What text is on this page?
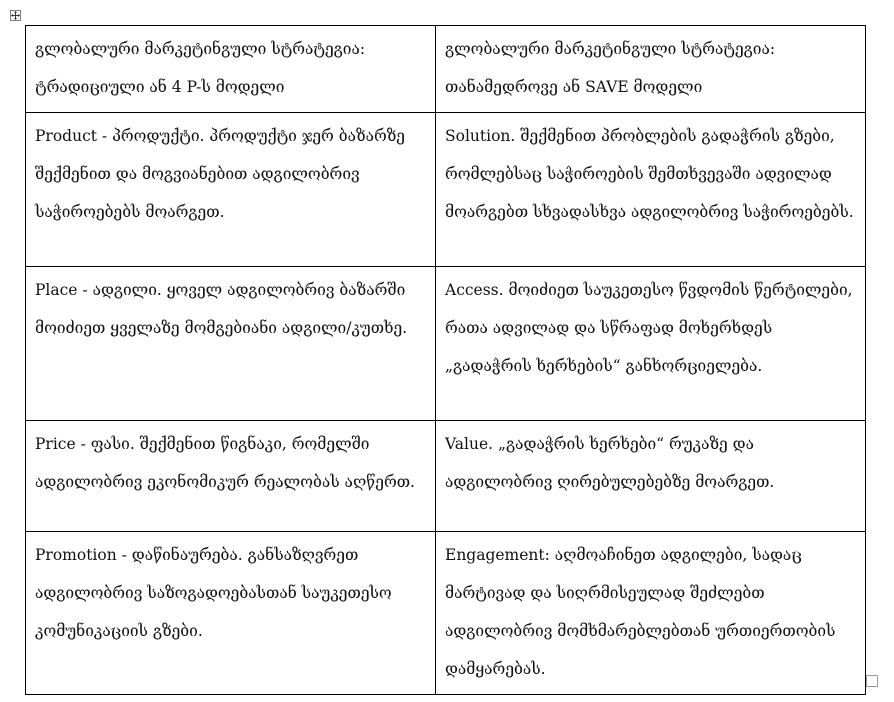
გლობალური მარკეტინგული სტრატეგია: ტრადიციული ან 4 P-ს მოდელი	გლობალური მარკეტინგული სტრატეგია: თანამედროვე ან SAVE მოდელი
Product - პროდუქტი. პროდუქტი ჯერ ბაზარზე შექმენით და მოგვიანებით ადგილობრივ საჭიროებებს მოარგეთ.	Solution. შექმენით პრობლების გადაჭრის გზები, რომლებსაც საჭიროების შემთხვევაში ადვილად მოარგებთ სხვადასხვა ადგილობრივ საჭიროებებს.
Place - ადგილი. ყოველ ადგილობრივ ბაზარში მოიძიეთ ყველაზე მომგებიანი ადგილი/კუთხე.	Access. მოიძიეთ საუკეთესო წვდომის წერტილები, რათა ადვილად და სწრაფად მოხერხდეს „გადაჭრის ხერხების“ განხორციელება.
Price - ფასი. შექმენით წიგნაკი, რომელში ადგილობრივ ეკონომიკურ რეალობას აღწერთ.	Value. „გადაჭრის ხერხები“ რუკაზე და ადგილობრივ ღირებულებებზე მოარგეთ.
Promotion - დაწინაურება. განსაზღვრეთ ადგილობრივ საზოგადოებასთან საუკეთესო კომუნიკაციის გზები.	Engagement: აღმოაჩინეთ ადგილები, სადაც მარტივად და სიღრმისეულად შეძლებთ ადგილობრივ მომხმარებლებთან ურთიერთობის დამყარებას.
